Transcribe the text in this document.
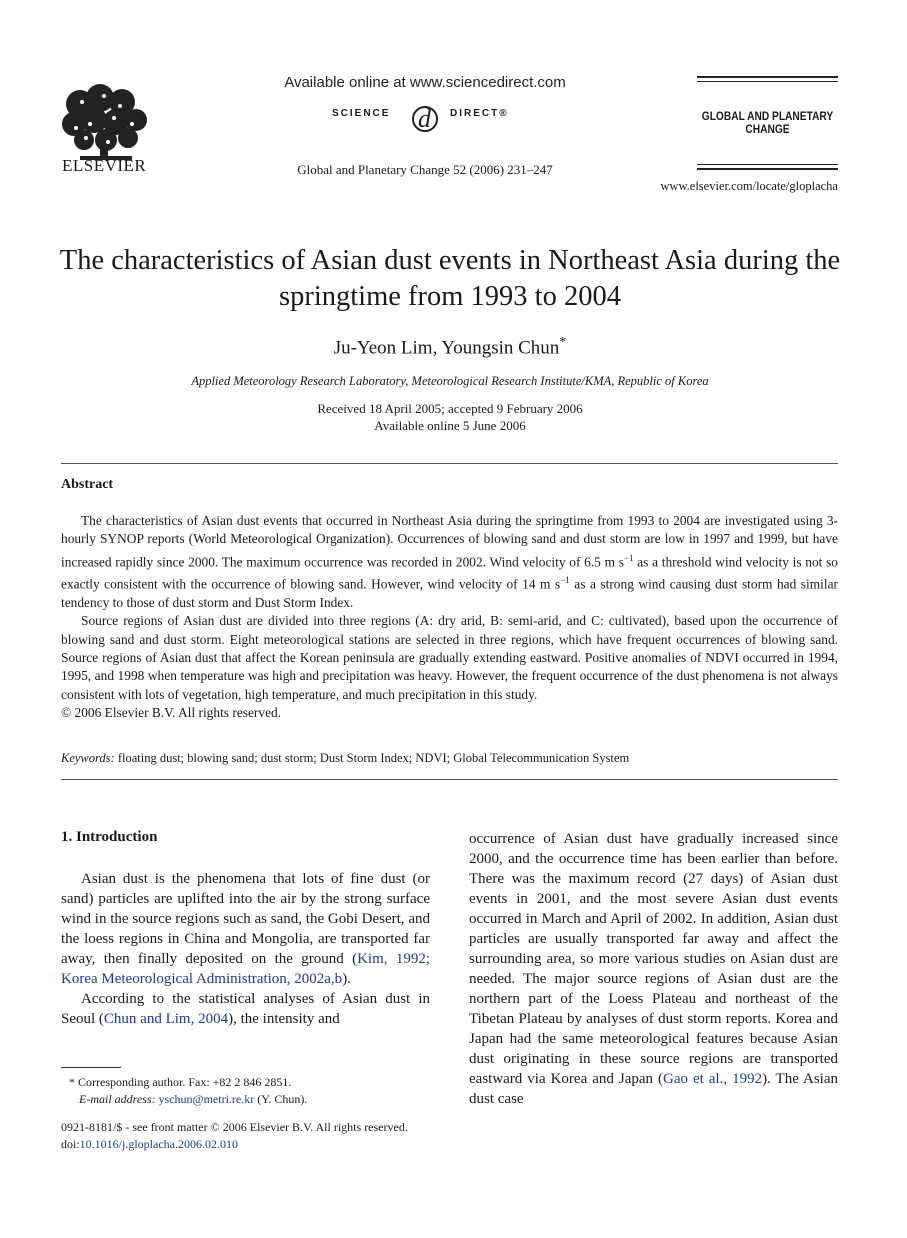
ELSEVIER
Available online at www.sciencedirect.com
SCIENCE d DIRECT®
Global and Planetary Change 52 (2006) 231–247
GLOBAL AND PLANETARY CHANGE
www.elsevier.com/locate/gloplacha
The characteristics of Asian dust events in Northeast Asia during the springtime from 1993 to 2004
Ju-Yeon Lim, Youngsin Chun*
Applied Meteorology Research Laboratory, Meteorological Research Institute/KMA, Republic of Korea
Received 18 April 2005; accepted 9 February 2006
Available online 5 June 2006
Abstract

The characteristics of Asian dust events that occurred in Northeast Asia during the springtime from 1993 to 2004 are investigated using 3-hourly SYNOP reports (World Meteorological Organization). Occurrences of blowing sand and dust storm are low in 1997 and 1999, but have increased rapidly since 2000. The maximum occurrence was recorded in 2002. Wind velocity of 6.5 m $s^{-1}$ as a threshold wind velocity is not so exactly consistent with the occurrence of blowing sand. However, wind velocity of 14 m $s^{-1}$ as a strong wind causing dust storm had similar tendency to those of dust storm and Dust Storm Index.

Source regions of Asian dust are divided into three regions (A: dry arid, B: semi-arid, and C: cultivated), based upon the occurrence of blowing sand and dust storm. Eight meteorological stations are selected in three regions, which have frequent occurrences of blowing sand. Source regions of Asian dust that affect the Korean peninsula are gradually extending eastward. Positive anomalies of NDVI occurred in 1994, 1995, and 1998 when temperature was high and precipitation was heavy. However, the frequent occurrence of the dust phenomena is not always consistent with lots of vegetation, high temperature, and much precipitation in this study.

© 2006 Elsevier B.V. All rights reserved.

Keywords: floating dust; blowing sand; dust storm; Dust Storm Index; NDVI; Global Telecommunication System
1. Introduction

Asian dust is the phenomena that lots of fine dust (or sand) particles are uplifted into the air by the strong surface wind in the source regions such as sand, the Gobi Desert, and the loess regions in China and Mongolia, are transported far away, then finally deposited on the ground (Kim, 1992; Korea Meteorological Administration, 2002a,b).

According to the statistical analyses of Asian dust in Seoul (Chun and Lim, 2004), the intensity and

occurrence of Asian dust have gradually increased since 2000, and the occurrence time has been earlier than before. There was the maximum record (27 days) of Asian dust events in 2001, and the most severe Asian dust events occurred in March and April of 2002. In addition, Asian dust particles are usually transported far away and affect the surrounding area, so more various studies on Asian dust are needed. The major source regions of Asian dust are the northern part of the Loess Plateau and northeast of the Tibetan Plateau by analyses of dust storm reports. Korea and Japan had the same meteorological features because Asian dust originating in these source regions are transported eastward via Korea and Japan (Gao et al., 1992). The Asian dust case

* Corresponding author. Fax: +82 2 846 2851.
E-mail address: yschun@metri.re.kr (Y. Chun).
0921-8181/$ - see front matter © 2006 Elsevier B.V. All rights reserved.
doi:10.1016/j.gloplacha.2006.02.010
